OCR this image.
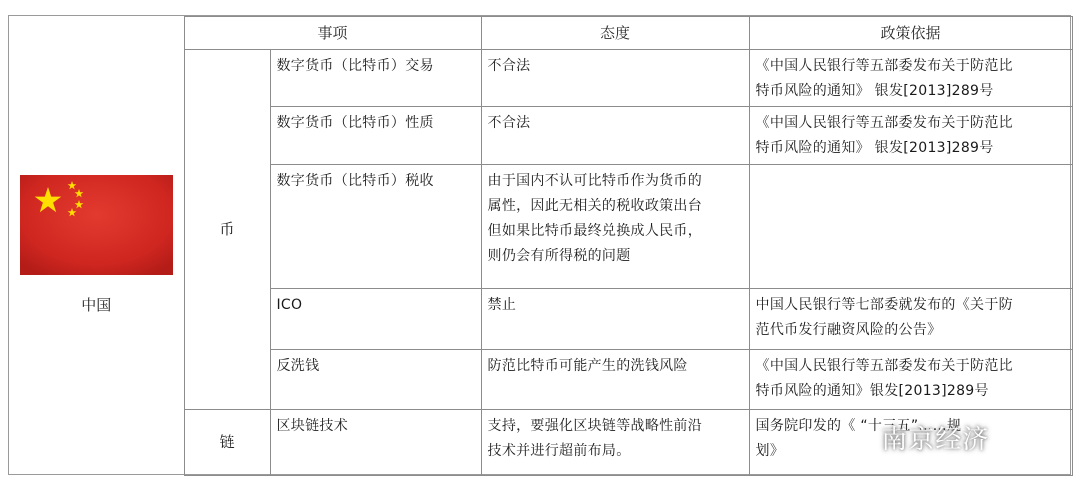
中国	事项		态度	政策依据
	币	数字货币（比特币）交易	不合法	《中国人民银行等五部委发布关于防范比
特币风险的通知》 银发[2013]289号

		数字货币（比特币）性质	不合法	《中国人民银行等五部委发布关于防范比
特币风险的通知》 银发[2013]289号

		数字货币（比特币）税收	由于国内不认可比特币作为货币的
属性，因此无相关的税收政策出台
但如果比特币最终兑换成人民币，
则仍会有所得税的问题	

		ICO	禁止	中国人民银行等七部委就发布的《关于防
范代币发行融资风险的公告》

		反洗钱	防范比特币可能产生的洗钱风险	《中国人民银行等五部委发布关于防范比
特币风险的通知》银发[2013]289号

	链	区块链技术	支持，要强化区块链等战略性前沿
技术并进行超前布局。	国务院印发的《 “十三五”……规
划》	南京经济
